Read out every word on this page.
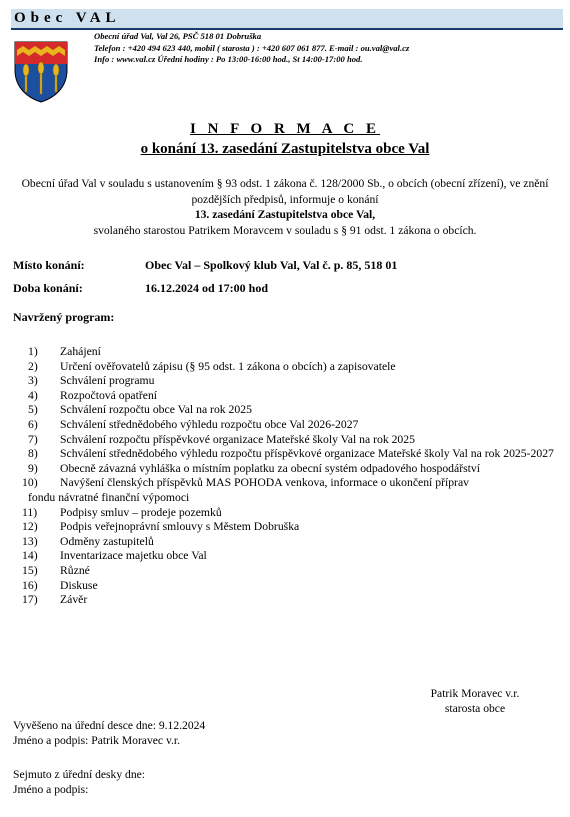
Obec VAL
Obecní úřad Val, Val 26, PSČ 518 01 Dobruška
Telefon : +420 494 623 440, mobil ( starosta ) : +420 607 061 877. E-mail : ou.val@val.cz
Info : www.val.cz Úřední hodiny : Po 13:00-16:00 hod., St 14:00-17:00 hod.
I N F O R M A C E
o konání 13. zasedání Zastupitelstva obce Val
Obecní úřad Val v souladu s ustanovením § 93 odst. 1 zákona č. 128/2000 Sb., o obcích (obecní zřízení), ve znění pozdějších předpisů, informuje o konání
13. zasedání Zastupitelstva obce Val,
svolaného starostou Patrikem Moravcem v souladu s § 91 odst. 1 zákona o obcích.
Místo konání:	Obec Val – Spolkový klub Val, Val č. p. 85, 518 01
Doba konání:	16.12.2024 od 17:00 hod
Navržený program:
1) Zahájení
2) Určení ověřovatelů zápisu (§ 95 odst. 1 zákona o obcích) a zapisovatele
3) Schválení programu
4) Rozpočtová opatření
5) Schválení rozpočtu obce Val na rok 2025
6) Schválení střednědobého výhledu rozpočtu obce Val 2026-2027
7) Schválení rozpočtu příspěvkové organizace Mateřské školy Val na rok 2025
8) Schválení střednědobého výhledu rozpočtu příspěvkové organizace Mateřské školy Val na rok 2025-2027
9) Obecně závazná vyhláška o místním poplatku za obecní systém odpadového hospodářství
10) Navýšení členských příspěvků MAS POHODA venkova, informace o ukončení příprav
fondu návratné finanční výpomoci
11) Podpisy smluv – prodeje pozemků
12) Podpis veřejnoprávní smlouvy s Městem Dobruška
13) Odměny zastupitelů
14) Inventarizace majetku obce Val
15) Různé
16) Diskuse
17) Závěr
Patrik Moravec v.r.
starosta obce
Vyvěšeno na úřední desce dne: 9.12.2024
Jméno a podpis: Patrik Moravec v.r.
Sejmuto z úřední desky dne:
Jméno a podpis:
